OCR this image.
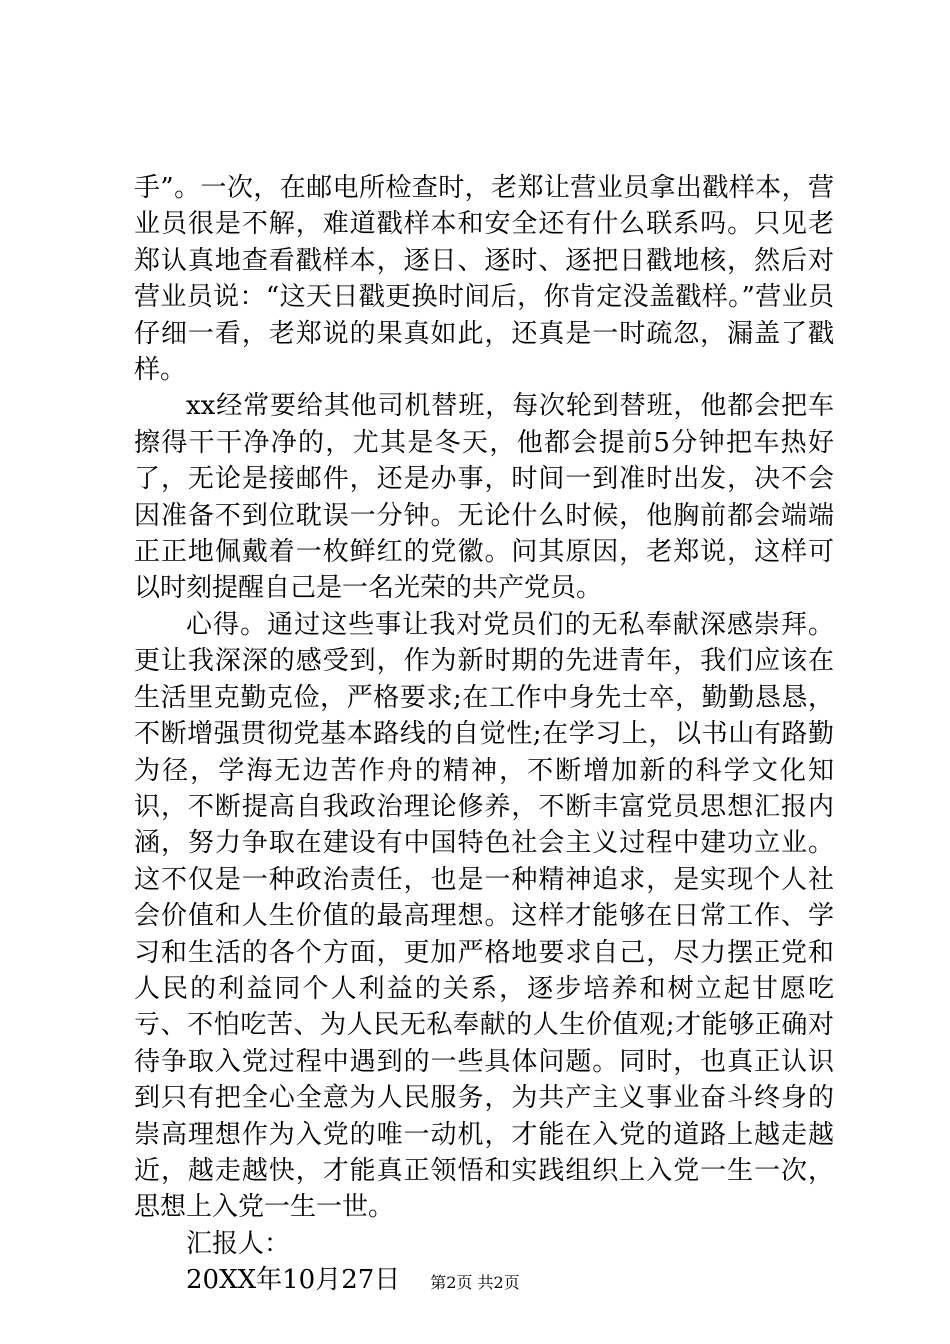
手”。一次，在邮电所检查时，老郑让营业员拿出戳样本，营业员很是不解，难道戳样本和安全还有什么联系吗。只见老郑认真地查看戳样本，逐日、逐时、逐把日戳地核，然后对营业员说：“这天日戳更换时间后，你肯定没盖戳样。”营业员仔细一看，老郑说的果真如此，还真是一时疏忽，漏盖了戳样。

xx经常要给其他司机替班，每次轮到替班，他都会把车擦得干干净净的，尤其是冬天，他都会提前5分钟把车热好了，无论是接邮件，还是办事，时间一到准时出发，决不会因准备不到位耽误一分钟。无论什么时候，他胸前都会端端正正地佩戴着一枚鲜红的党徽。问其原因，老郑说，这样可以时刻提醒自己是一名光荣的共产党员。

心得。通过这些事让我对党员们的无私奉献深感崇拜。更让我深深的感受到，作为新时期的先进青年，我们应该在生活里克勤克俭，严格要求;在工作中身先士卒，勤勤恳恳，不断增强贯彻党基本路线的自觉性;在学习上，以书山有路勤为径，学海无边苦作舟的精神，不断增加新的科学文化知识，不断提高自我政治理论修养，不断丰富党员思想汇报内涵，努力争取在建设有中国特色社会主义过程中建功立业。这不仅是一种政治责任，也是一种精神追求，是实现个人社会价值和人生价值的最高理想。这样才能够在日常工作、学习和生活的各个方面，更加严格地要求自己，尽力摆正党和人民的利益同个人利益的关系，逐步培养和树立起甘愿吃亏、不怕吃苦、为人民无私奉献的人生价值观;才能够正确对待争取入党过程中遇到的一些具体问题。同时，也真正认识到只有把全心全意为人民服务，为共产主义事业奋斗终身的崇高理想作为入党的唯一动机，才能在入党的道路上越走越近，越走越快，才能真正领悟和实践组织上入党一生一次，思想上入党一生一世。

汇报人：

20XX年10月27日	第2页 共2页
